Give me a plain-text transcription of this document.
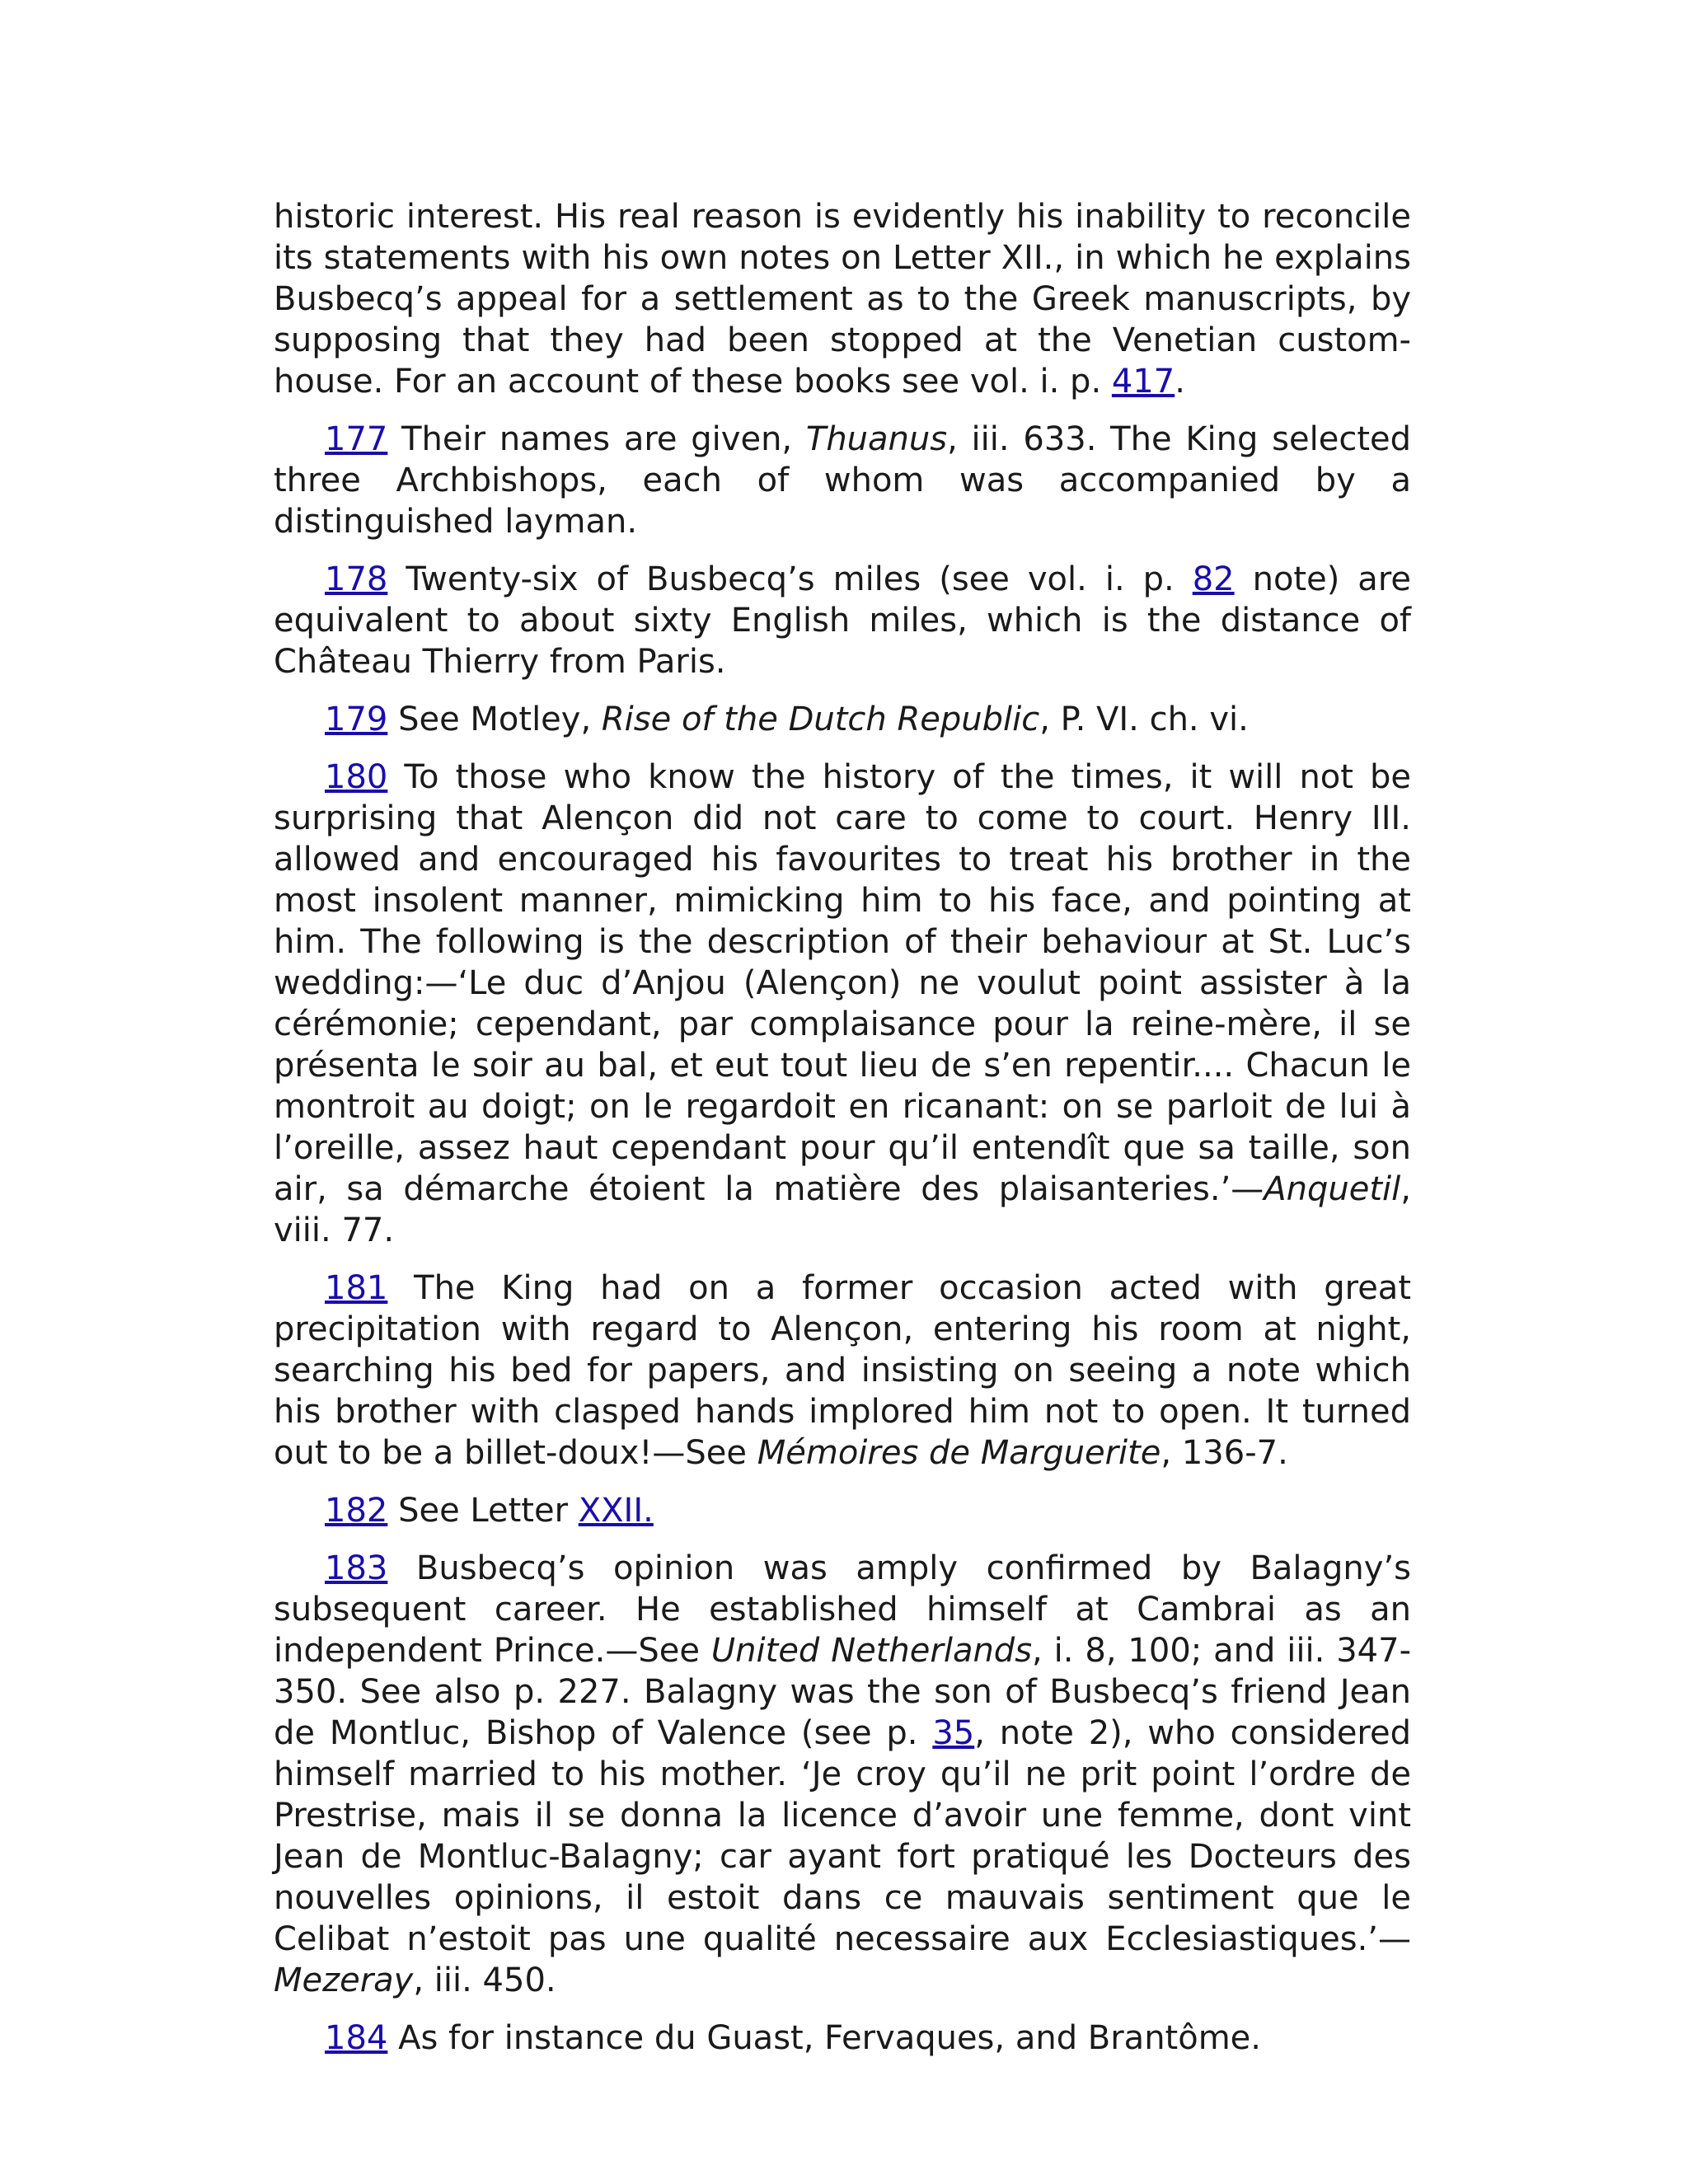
historic interest. His real reason is evidently his inability to reconcile its statements with his own notes on Letter XII., in which he explains Busbecq’s appeal for a settlement as to the Greek manuscripts, by supposing that they had been stopped at the Venetian custom-house. For an account of these books see vol. i. p. 417.

177 Their names are given, Thuanus, iii. 633. The King selected three Archbishops, each of whom was accompanied by a distinguished layman.

178 Twenty-six of Busbecq’s miles (see vol. i. p. 82 note) are equivalent to about sixty English miles, which is the distance of Château Thierry from Paris.

179 See Motley, Rise of the Dutch Republic, P. VI. ch. vi.

180 To those who know the history of the times, it will not be surprising that Alençon did not care to come to court. Henry III. allowed and encouraged his favourites to treat his brother in the most insolent manner, mimicking him to his face, and pointing at him. The following is the description of their behaviour at St. Luc’s wedding:—‘Le duc d’Anjou (Alençon) ne voulut point assister à la cérémonie; cependant, par complaisance pour la reine-mère, il se présenta le soir au bal, et eut tout lieu de s’en repentir.... Chacun le montroit au doigt; on le regardoit en ricanant: on se parloit de lui à l’oreille, assez haut cependant pour qu’il entendît que sa taille, son air, sa démarche étoient la matière des plaisanteries.’—Anquetil, viii. 77.

181 The King had on a former occasion acted with great precipitation with regard to Alençon, entering his room at night, searching his bed for papers, and insisting on seeing a note which his brother with clasped hands implored him not to open. It turned out to be a billet-doux!—See Mémoires de Marguerite, 136-7.

182 See Letter XXII.

183 Busbecq’s opinion was amply confirmed by Balagny’s subsequent career. He established himself at Cambrai as an independent Prince.—See United Netherlands, i. 8, 100; and iii. 347-350. See also p. 227. Balagny was the son of Busbecq’s friend Jean de Montluc, Bishop of Valence (see p. 35, note 2), who considered himself married to his mother. ‘Je croy qu’il ne prit point l’ordre de Prestrise, mais il se donna la licence d’avoir une femme, dont vint Jean de Montluc-Balagny; car ayant fort pratiqué les Docteurs des nouvelles opinions, il estoit dans ce mauvais sentiment que le Celibat n’estoit pas une qualité necessaire aux Ecclesiastiques.’—Mezeray, iii. 450.

184 As for instance du Guast, Fervaques, and Brantôme.
